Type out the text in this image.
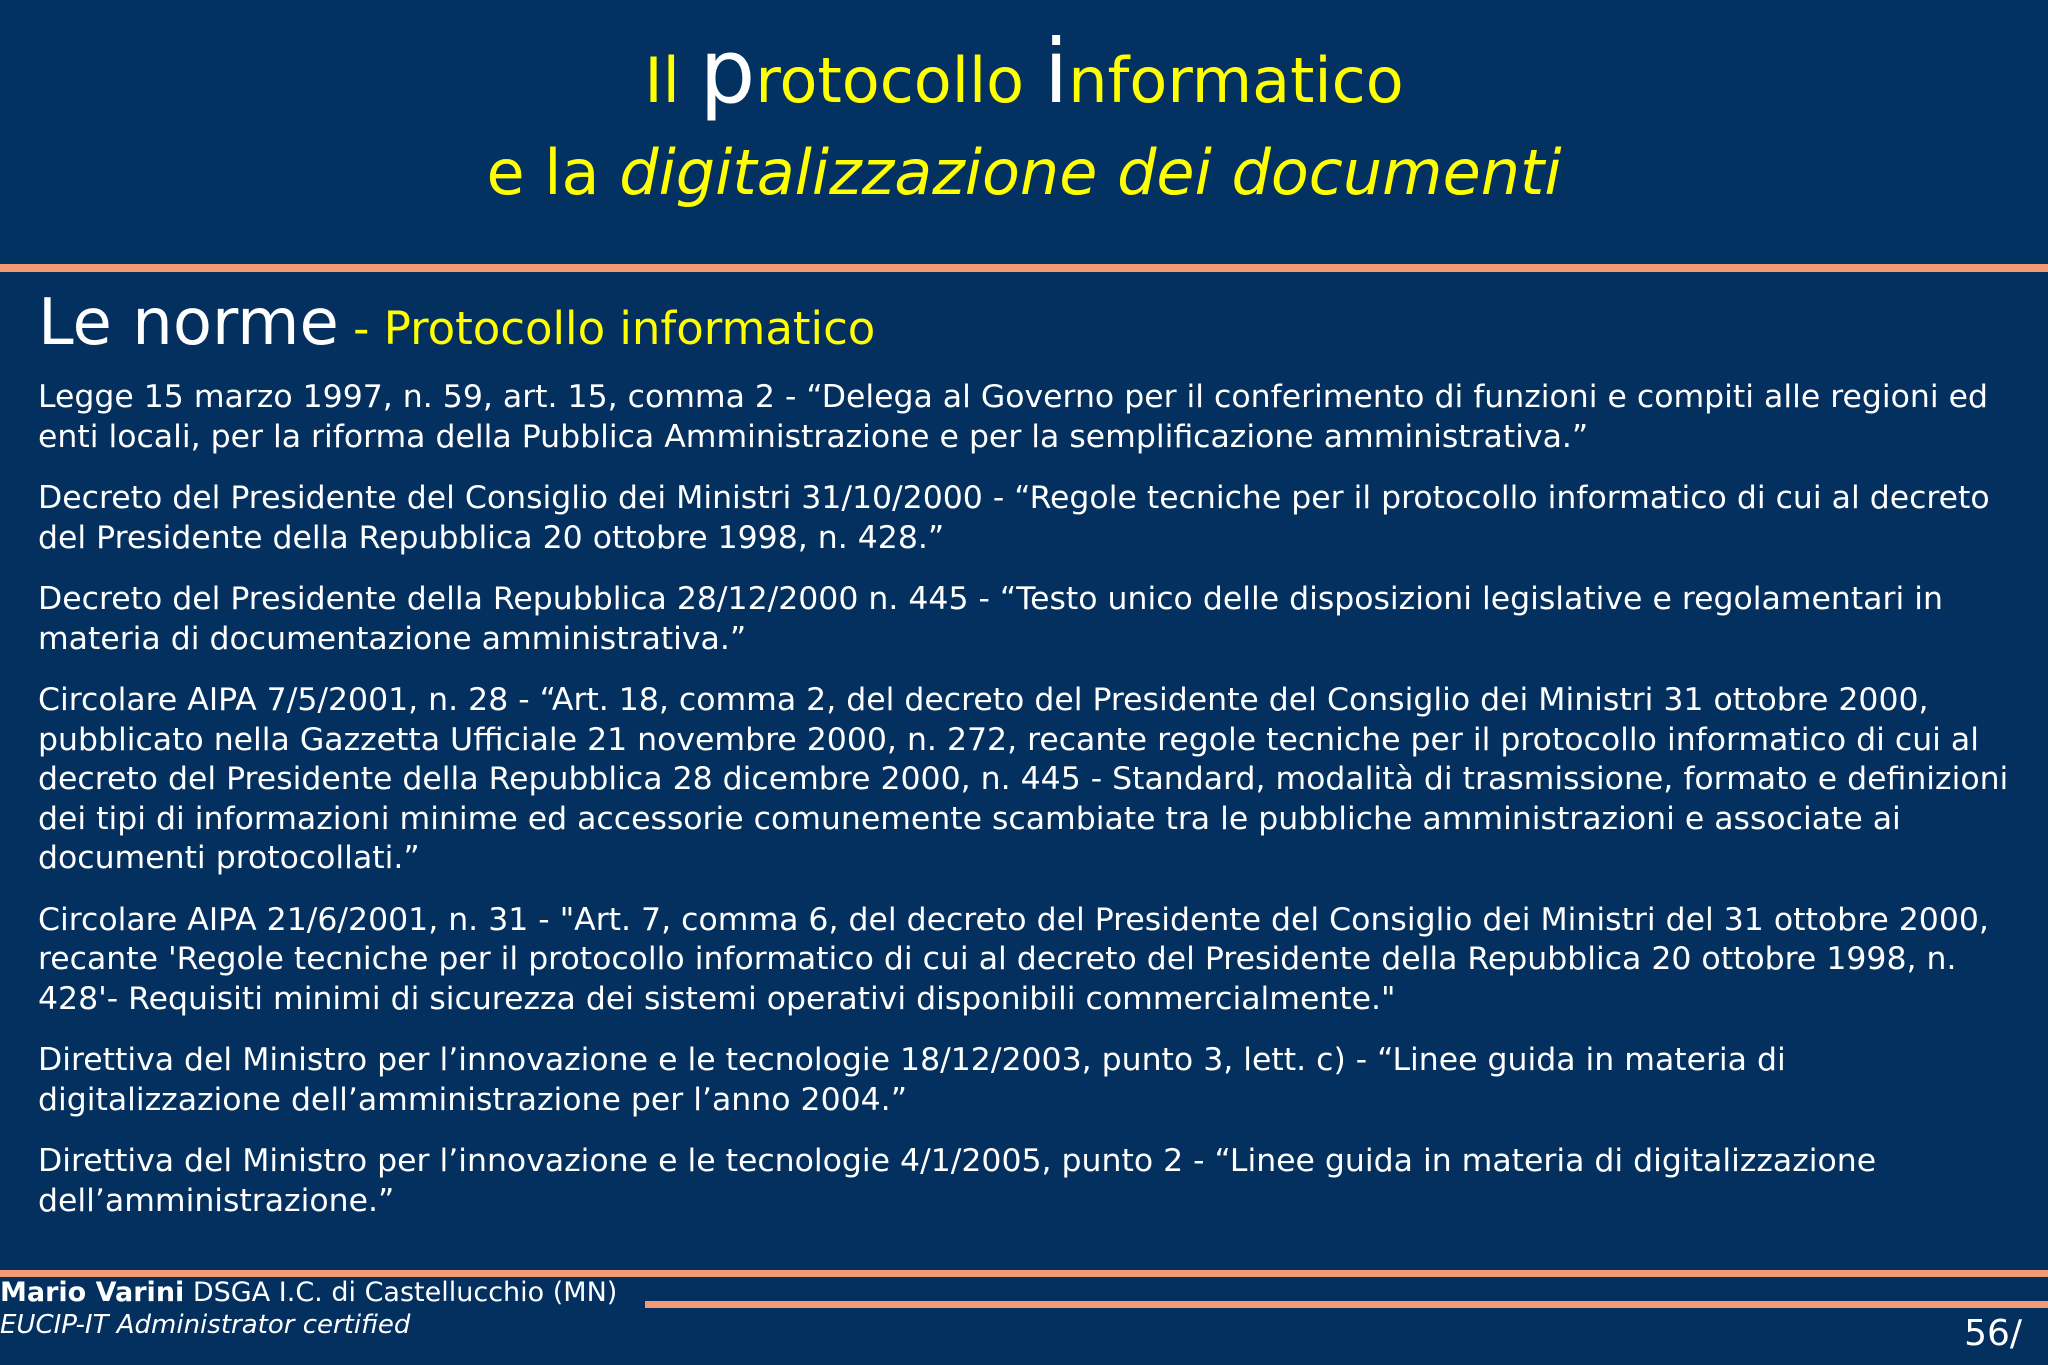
Il protocollo informatico
e la digitalizzazione dei documenti
Le norme - Protocollo informatico

Legge 15 marzo 1997, n. 59, art. 15, comma 2 - “Delega al Governo per il conferimento di funzioni e compiti alle regioni ed enti locali, per la riforma della Pubblica Amministrazione e per la semplificazione amministrativa.”

Decreto del Presidente del Consiglio dei Ministri 31/10/2000 - “Regole tecniche per il protocollo informatico di cui al decreto del Presidente della Repubblica 20 ottobre 1998, n. 428.”

Decreto del Presidente della Repubblica 28/12/2000 n. 445 - “Testo unico delle disposizioni legislative e regolamentari in materia di documentazione amministrativa.”

Circolare AIPA 7/5/2001, n. 28 - “Art. 18, comma 2, del decreto del Presidente del Consiglio dei Ministri 31 ottobre 2000, pubblicato nella Gazzetta Ufficiale 21 novembre 2000, n. 272, recante regole tecniche per il protocollo informatico di cui al decreto del Presidente della Repubblica 28 dicembre 2000, n. 445 - Standard, modalità di trasmissione, formato e definizioni dei tipi di informazioni minime ed accessorie comunemente scambiate tra le pubbliche amministrazioni e associate ai documenti protocollati.”

Circolare AIPA 21/6/2001, n. 31 - "Art. 7, comma 6, del decreto del Presidente del Consiglio dei Ministri del 31 ottobre 2000, recante 'Regole tecniche per il protocollo informatico di cui al decreto del Presidente della Repubblica 20 ottobre 1998, n. 428'- Requisiti minimi di sicurezza dei sistemi operativi disponibili commercialmente."

Direttiva del Ministro per l’innovazione e le tecnologie 18/12/2003, punto 3, lett. c) - “Linee guida in materia di digitalizzazione dell’amministrazione per l’anno 2004.”

Direttiva del Ministro per l’innovazione e le tecnologie 4/1/2005, punto 2 - “Linee guida in materia di digitalizzazione dell’amministrazione.”

Mario Varini DSGA I.C. di Castellucchio (MN)
EUCIP-IT Administrator certified	56/
